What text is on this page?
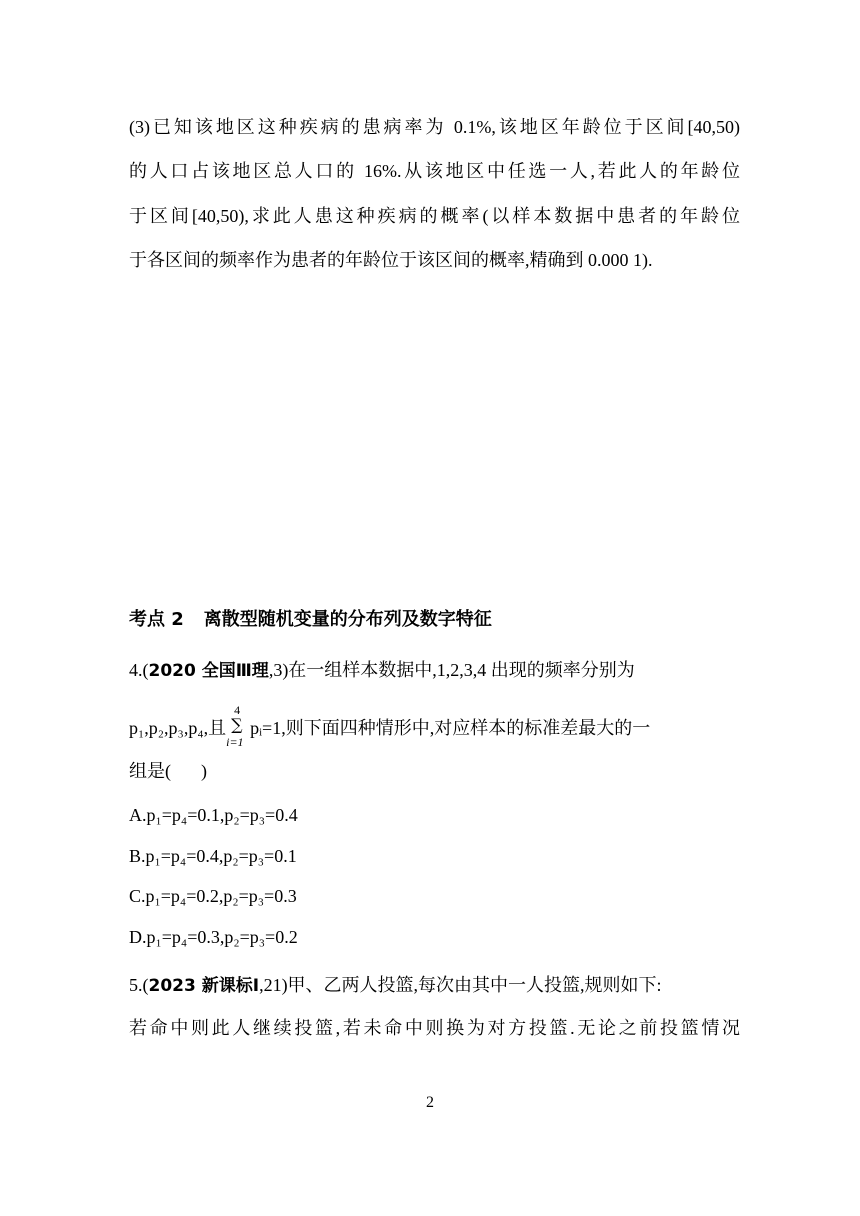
(3)已知该地区这种疾病的患病率为 0.1%,该地区年龄位于区间[40,50)
的人口占该地区总人口的 16%.从该地区中任选一人,若此人的年龄位
于区间[40,50),求此人患这种疾病的概率(以样本数据中患者的年龄位
于各区间的频率作为患者的年龄位于该区间的概率,精确到 0.000 1).
考点 2 离散型随机变量的分布列及数字特征
4.(2020 全国Ⅲ理,3)在一组样本数据中,1,2,3,4 出现的频率分别为
p₁,p₂,p₃,p₄,且
4
∑
i=1
pᵢ=1,则下面四种情形中,对应样本的标准差最大的一
组是( )
A.p₁=p₄=0.1,p₂=p₃=0.4
B.p₁=p₄=0.4,p₂=p₃=0.1
C.p₁=p₄=0.2,p₂=p₃=0.3
D.p₁=p₄=0.3,p₂=p₃=0.2
5.(2023 新课标Ⅰ,21)甲、乙两人投篮,每次由其中一人投篮,规则如下:
若命中则此人继续投篮,若未命中则换为对方投篮.无论之前投篮情况
2
